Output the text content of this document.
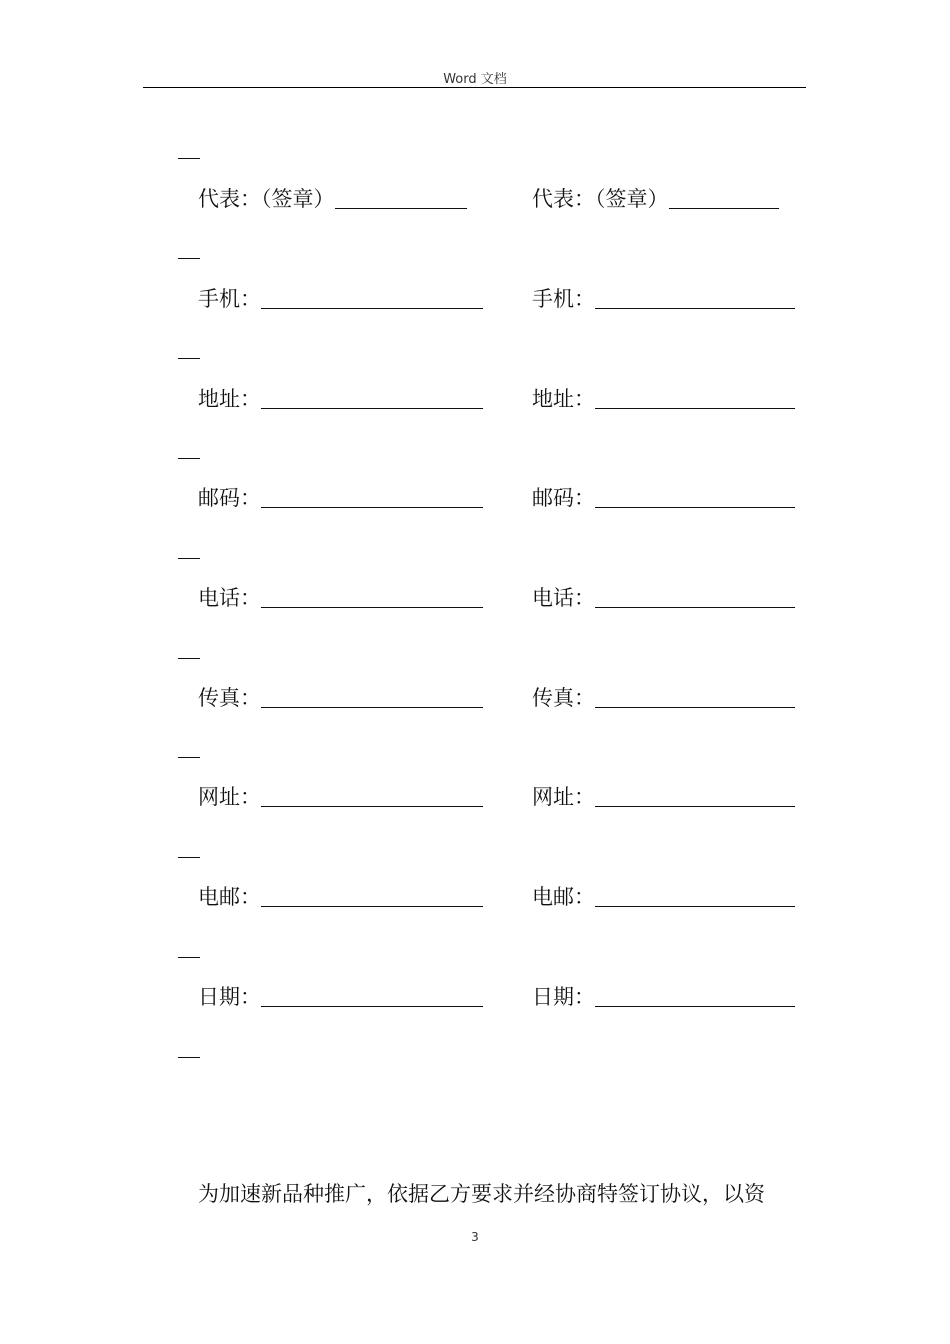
Word 文档
代表：（签章）	代表：（签章）
手机：	手机：
地址：	地址：
邮码：	邮码：
电话：	电话：
传真：	传真：
网址：	网址：
电邮：	电邮：
日期：	日期：
为加速新品种推广，依据乙方要求并经协商特签订协议，以资
3
